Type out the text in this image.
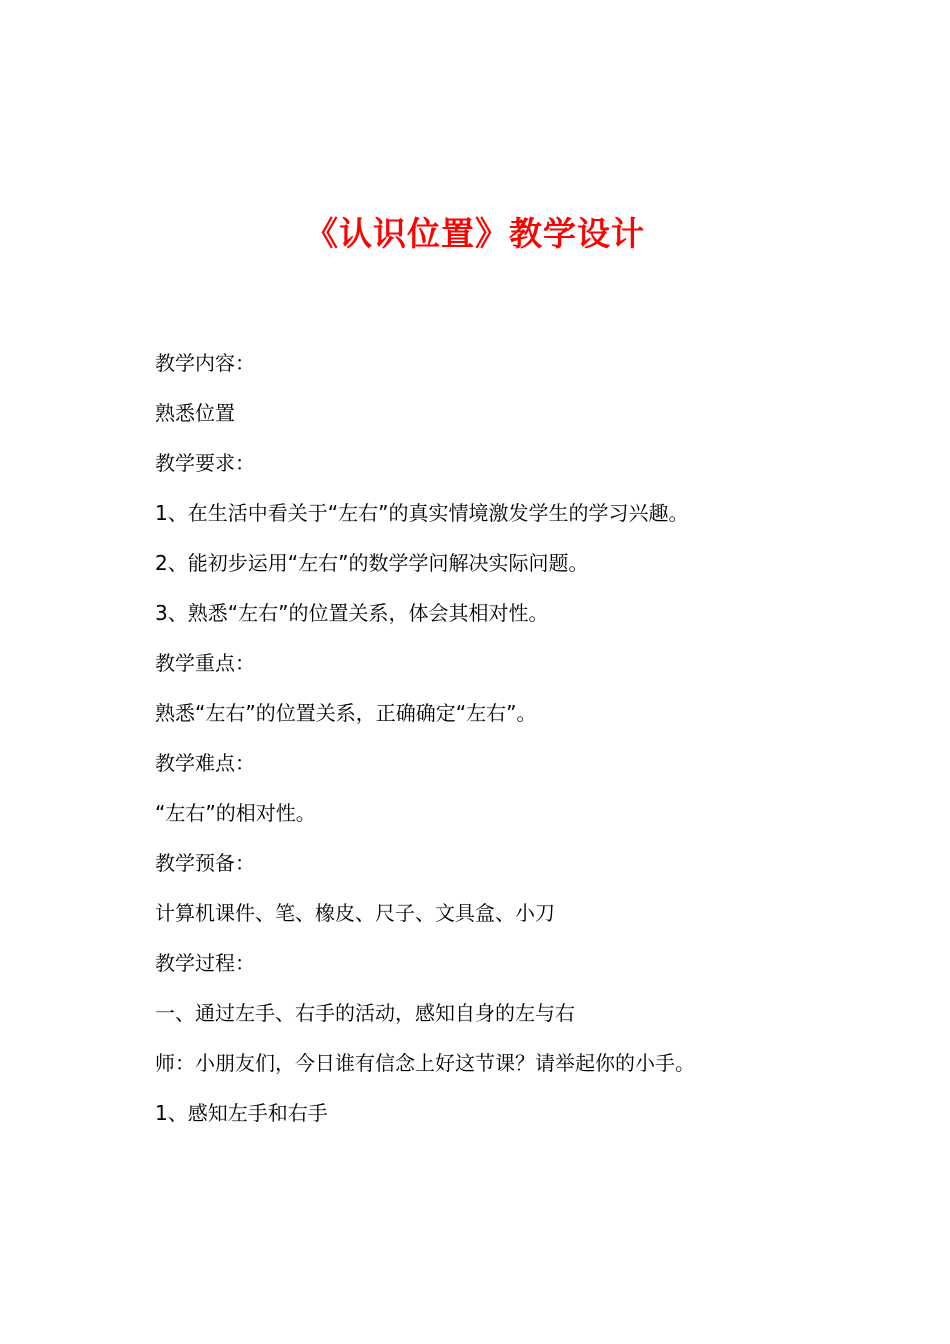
《认识位置》教学设计
教学内容：
熟悉位置
教学要求：
1、在生活中看关于“左右”的真实情境激发学生的学习兴趣。
2、能初步运用“左右”的数学学问解决实际问题。
3、熟悉“左右”的位置关系，体会其相对性。
教学重点：
熟悉“左右”的位置关系，正确确定“左右”。
教学难点：
“左右”的相对性。
教学预备：
计算机课件、笔、橡皮、尺子、文具盒、小刀
教学过程：
一、通过左手、右手的活动，感知自身的左与右
师：小朋友们，今日谁有信念上好这节课？请举起你的小手。
1、感知左手和右手
